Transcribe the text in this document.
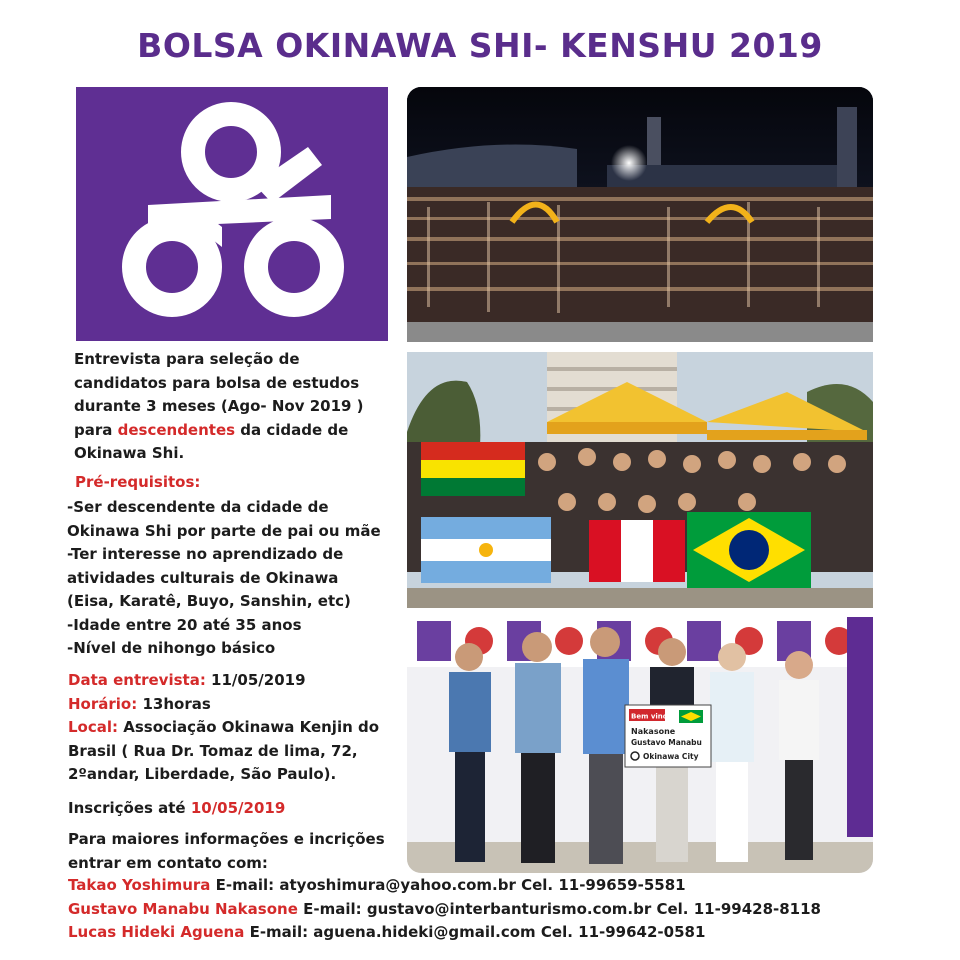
BOLSA OKINAWA SHI- KENSHU 2019
Bem vindo!
Nakasone
Gustavo Manabu
Okinawa City
Entrevista para seleção de
candidatos para bolsa de estudos
durante 3 meses (Ago- Nov 2019 )
para descendentes da cidade de
Okinawa Shi.
Pré-requisitos:
-Ser descendente da cidade de
Okinawa Shi por parte de pai ou mãe
-Ter interesse no aprendizado de
atividades culturais de Okinawa
(Eisa, Karatê, Buyo, Sanshin, etc)
-Idade entre 20 até 35 anos
-Nível de nihongo básico
Data entrevista: 11/05/2019
Horário: 13horas
Local: Associação Okinawa Kenjin do
Brasil ( Rua Dr. Tomaz de lima, 72,
2ºandar, Liberdade, São Paulo).
Inscrições até 10/05/2019
Para maiores informações e incrições
entrar em contato com:
Takao Yoshimura E-mail: atyoshimura@yahoo.com.br Cel. 11-99659-5581
Gustavo Manabu Nakasone E-mail: gustavo@interbanturismo.com.br Cel. 11-99428-8118
Lucas Hideki Aguena E-mail: aguena.hideki@gmail.com Cel. 11-99642-0581
